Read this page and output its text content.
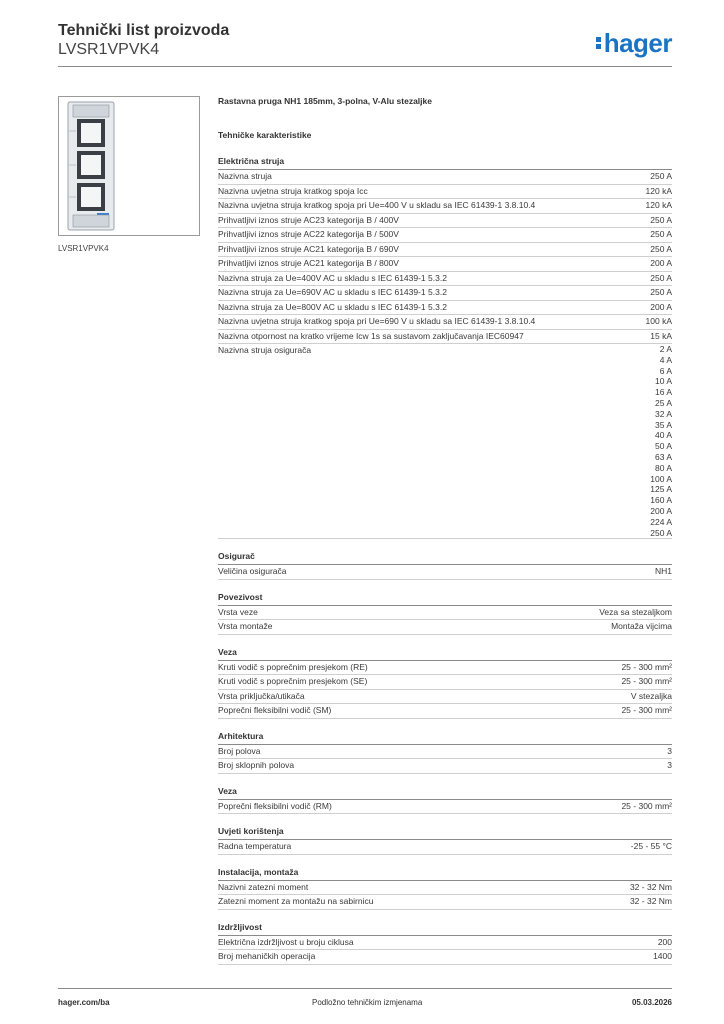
Tehnički list proizvoda
LVSR1VPVK4	hager
LVSR1VPVK4
Rastavna pruga NH1 185mm, 3-polna, V-Alu stezaljke
Tehničke karakteristike
Električna struja
Nazivna struja	250 A
Nazivna uvjetna struja kratkog spoja Icc	120 kA
Nazivna uvjetna struja kratkog spoja pri Ue=400 V u skladu sa IEC 61439-1 3.8.10.4	120 kA
Prihvatljivi iznos struje AC23 kategorija B / 400V	250 A
Prihvatljivi iznos struje AC22 kategorija B / 500V	250 A
Prihvatljivi iznos struje AC21 kategorija B / 690V	250 A
Prihvatljivi iznos struje AC21 kategorija B / 800V	200 A
Nazivna struja za Ue=400V AC u skladu s IEC 61439-1 5.3.2	250 A
Nazivna struja za Ue=690V AC u skladu s IEC 61439-1 5.3.2	250 A
Nazivna struja za Ue=800V AC u skladu s IEC 61439-1 5.3.2	200 A
Nazivna uvjetna struja kratkog spoja pri Ue=690 V u skladu sa IEC 61439-1 3.8.10.4	100 kA
Nazivna otpornost na kratko vrijeme Icw 1s sa sustavom zaključavanja IEC60947	15 kA
Nazivna struja osigurača	2 A
4 A
6 A
10 A
16 A
25 A
32 A
35 A
40 A
50 A
63 A
80 A
100 A
125 A
160 A
200 A
224 A
250 A
Osigurač
Veličina osigurača	NH1
Povezivost
Vrsta veze	Veza sa stezaljkom
Vrsta montaže	Montaža vijcima
Veza
Kruti vodič s poprečnim presjekom (RE)	25 - 300 mm²
Kruti vodič s poprečnim presjekom (SE)	25 - 300 mm²
Vrsta priključka/utikača	V stezaljka
Poprečni fleksibilni vodič (SM)	25 - 300 mm²
Arhitektura
Broj polova	3
Broj sklopnih polova	3
Veza
Poprečni fleksibilni vodič (RM)	25 - 300 mm²
Uvjeti korištenja
Radna temperatura	-25 - 55 °C
Instalacija, montaža
Nazivni zatezni moment	32 - 32 Nm
Zatezni moment za montažu na sabirnicu	32 - 32 Nm
Izdržljivost
Električna izdržljivost u broju ciklusa	200
Broj mehaničkih operacija	1400
hager.com/ba	Podložno tehničkim izmjenama	05.03.2026
